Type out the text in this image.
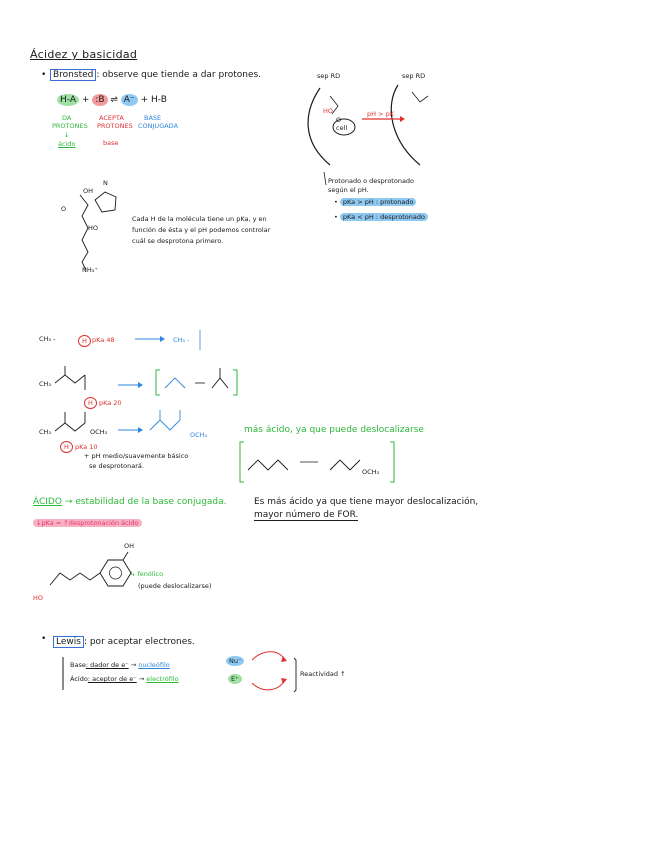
Ácidez y basicidad
• Bronsted : observe que tiende a dar protones.
H-A + :B ⇌ A⁻ + H-B
DA
PROTONES
↓
ácido
ACEPTA
PROTONES
base
BASE
CONJUGADA
sep RD	sep RD
HO
O
cell
pH > pK
Protonado o desprotonado
según el pH.
• pKa > pH : protonado
• pKa < pH : desprotonado
OH
O
N
HO
NH₃⁺
Cada H de la molécula tiene un pKa, y en
función de ésta y el pH podemos controlar
cuál se desprotona primero.
CH₃ -	H pKa 48	CH₃ -
CH₃
H pKa 20
CH₃	OCH₃
H pKa 10
OCH₃
+ pH medio/suavemente básico
se desprotonará.
más ácido, ya que puede deslocalizarse
OCH₃
ÁCIDO → estabilidad de la base conjugada.
↓pKa = ↑desprotonación ácido
Es más ácido ya que tiene mayor deslocalización,
mayor número de FOR.
OH
HO
↳ fenólico
(puede deslocalizarse)
•	Lewis : por aceptar electrones.
Base: dador de e⁻ → nucleófilo
Ácido: aceptor de e⁻ → electrófilo
Nu⁻
E⁺
Reactividad ↑
